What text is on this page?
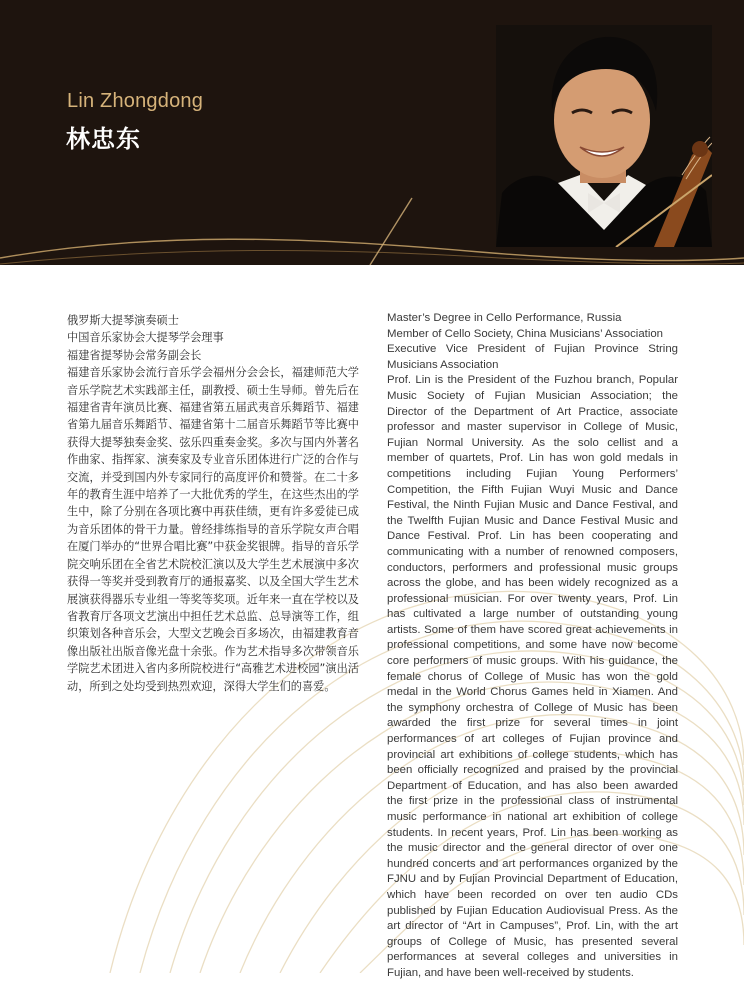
Lin Zhongdong
林忠东

俄罗斯大提琴演奏硕士

中国音乐家协会大提琴学会理事

福建省提琴协会常务副会长

福建音乐家协会流行音乐学会福州分会会长，福建师范大学音乐学院艺术实践部主任，副教授、硕士生导师。曾先后在福建省青年演员比赛、福建省第五届武夷音乐舞蹈节、福建省第九届音乐舞蹈节、福建省第十二届音乐舞蹈节等比赛中获得大提琴独奏金奖、弦乐四重奏金奖。多次与国内外著名作曲家、指挥家、演奏家及专业音乐团体进行广泛的合作与交流，并受到国内外专家同行的高度评价和赞誉。在二十多年的教育生涯中培养了一大批优秀的学生，在这些杰出的学生中，除了分别在各项比赛中再获佳绩，更有许多爱徒已成为音乐团体的骨干力量。曾经排练指导的音乐学院女声合唱在厦门举办的“世界合唱比赛”中获金奖银牌。指导的音乐学院交响乐团在全省艺术院校汇演以及大学生艺术展演中多次获得一等奖并受到教育厅的通报嘉奖、以及全国大学生艺术展演获得器乐专业组一等奖等奖项。近年来一直在学校以及省教育厅各项文艺演出中担任艺术总监、总导演等工作，组织策划各种音乐会，大型文艺晚会百多场次，由福建教育音像出版社出版音像光盘十余张。作为艺术指导多次带领音乐学院艺术团进入省内多所院校进行“高雅艺术进校园”演出活动，所到之处均受到热烈欢迎，深得大学生们的喜爱。

Master’s Degree in Cello Performance, Russia

Member of Cello Society, China Musicians’ Association

Executive Vice President of Fujian Province String Musicians Association

Prof. Lin is the President of the Fuzhou branch, Popular Music Society of Fujian Musician Association; the Director of the Department of Art Practice, associate professor and master supervisor in College of Music, Fujian Normal University. As the solo cellist and a member of quartets, Prof. Lin has won gold medals in competitions including Fujian Young Performers’ Competition, the Fifth Fujian Wuyi Music and Dance Festival, the Ninth Fujian Music and Dance Festival, and the Twelfth Fujian Music and Dance Festival Music and Dance Festival. Prof. Lin has been cooperating and communicating with a number of renowned composers, conductors, performers and professional music groups across the globe, and has been widely recognized as a professional musician. For over twenty years, Prof. Lin has cultivated a large number of outstanding young artists. Some of them have scored great achievements in professional competitions, and some have now become core performers of music groups. With his guidance, the female chorus of College of Music has won the gold medal in the World Chorus Games held in Xiamen. And the symphony orchestra of College of Music has been awarded the first prize for several times in joint performances of art colleges of Fujian province and provincial art exhibitions of college students, which has been officially recognized and praised by the provincial Department of Education, and has also been awarded the first prize in the professional class of instrumental music performance in national art exhibition of college students. In recent years, Prof. Lin has been working as the music director and the general director of over one hundred concerts and art performances organized by the FJNU and by Fujian Provincial Department of Education, which have been recorded on over ten audio CDs published by Fujian Education Audiovisual Press. As the art director of “Art in Campuses”, Prof. Lin, with the art groups of College of Music, has presented several performances at several colleges and universities in Fujian, and have been well-received by students.
